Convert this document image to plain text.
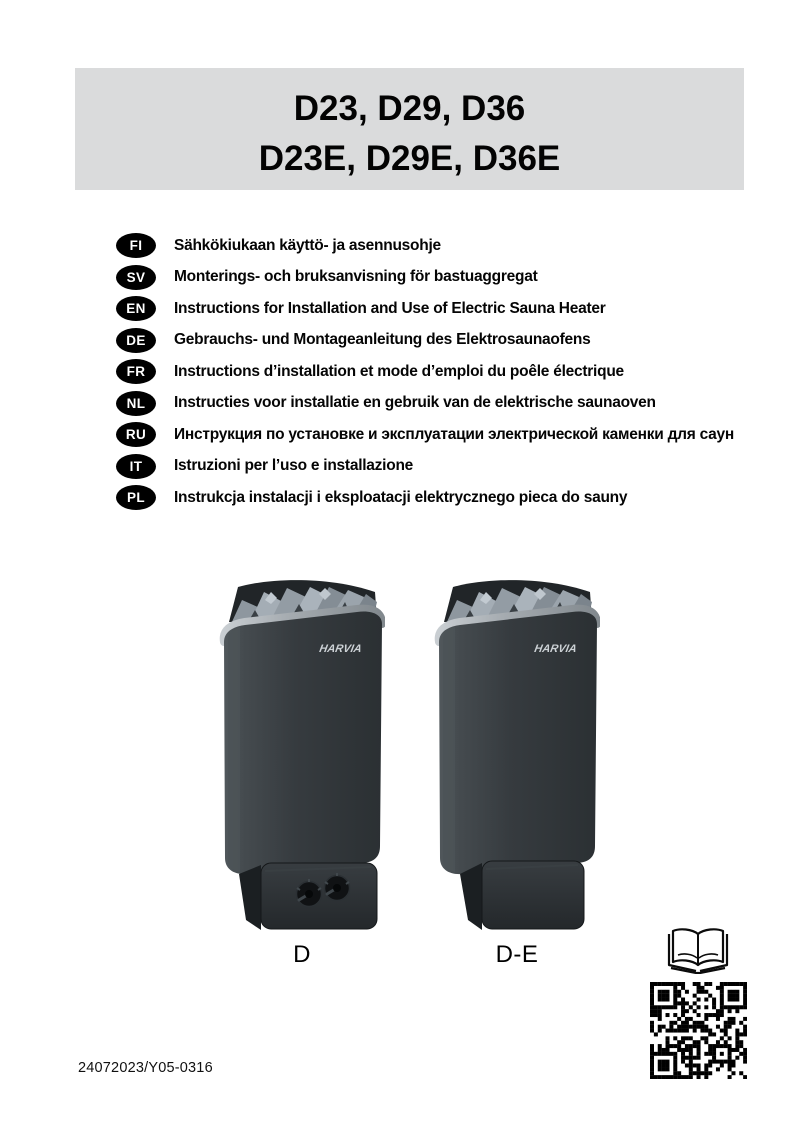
D23, D29, D36
D23E, D29E, D36E
FI	Sähkökiukaan käyttö- ja asennusohje
SV	Monterings- och bruksanvisning för bastuaggregat
EN	Instructions for Installation and Use of Electric Sauna Heater
DE	Gebrauchs- und Montageanleitung des Elektrosaunaofens
FR	Instructions d’installation et mode d’emploi du poêle électrique
NL	Instructies voor installatie en gebruik van de elektrische saunaoven
RU	Инструкция по установке и эксплуатации электрической каменки для саун
IT	Istruzioni per l’uso e installazione
PL	Instrukcja instalacji i eksploatacji elektrycznego pieca do sauny
HARVIA
D
HARVIA
D-E
24072023/Y05-0316
